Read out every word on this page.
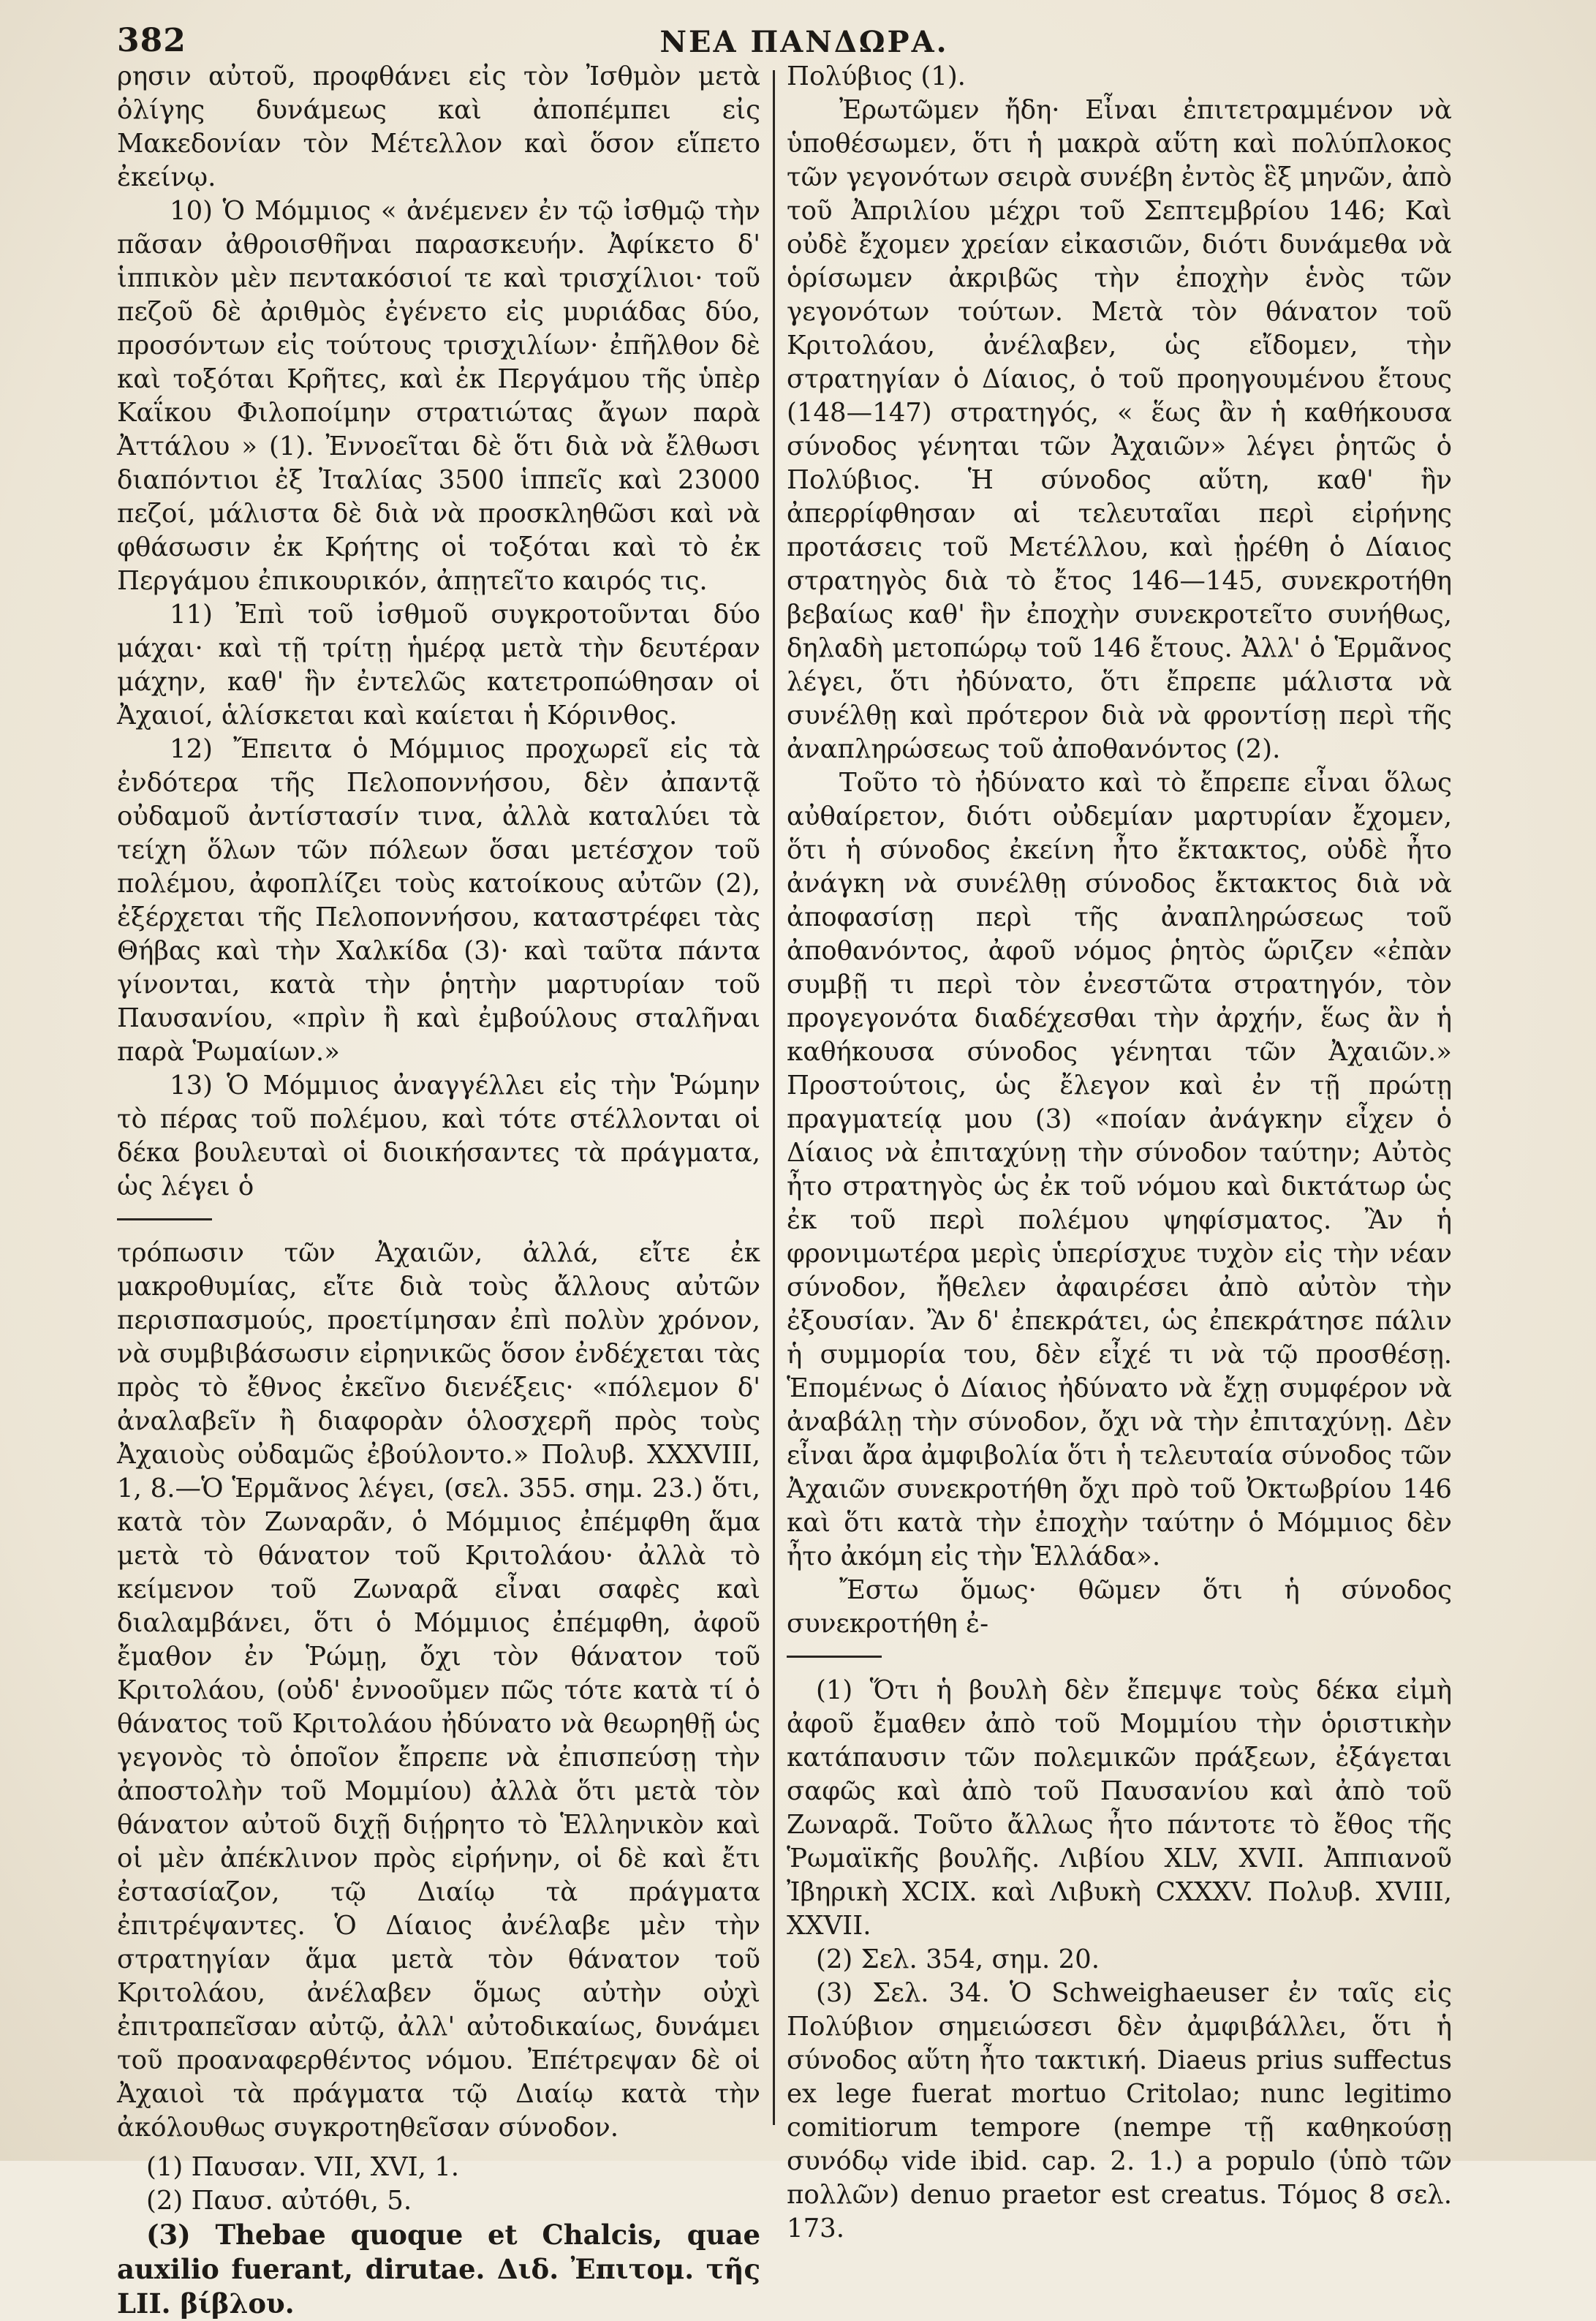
382	ΝΕΑ ΠΑΝΔΩΡΑ.

ρησιν αὐτοῦ, προφθάνει εἰς τὸν Ἰσθμὸν μετὰ ὀλίγης δυνάμεως καὶ ἀποπέμπει εἰς Μακεδονίαν τὸν Μέτελλον καὶ ὅσον εἵπετο ἐκείνῳ.

10) Ὁ Μόμμιος « ἀνέμενεν ἐν τῷ ἰσθμῷ τὴν πᾶσαν ἀθροισθῆναι παρασκευήν. Ἀφίκετο δ' ἱππικὸν μὲν πεντακόσιοί τε καὶ τρισχίλιοι· τοῦ πεζοῦ δὲ ἀριθμὸς ἐγένετο εἰς μυριάδας δύο, προσόντων εἰς τούτους τρισχιλίων· ἐπῆλθον δὲ καὶ τοξόται Κρῆτες, καὶ ἐκ Περγάμου τῆς ὑπὲρ Καΐκου Φιλοποίμην στρατιώτας ἄγων παρὰ Ἀττάλου » (1). Ἐννοεῖται δὲ ὅτι διὰ νὰ ἔλθωσι διαπόντιοι ἐξ Ἰταλίας 3500 ἱππεῖς καὶ 23000 πεζοί, μάλιστα δὲ διὰ νὰ προσκληθῶσι καὶ νὰ φθάσωσιν ἐκ Κρήτης οἱ τοξόται καὶ τὸ ἐκ Περγάμου ἐπικουρικόν, ἀπῃτεῖτο καιρός τις.

11) Ἐπὶ τοῦ ἰσθμοῦ συγκροτοῦνται δύο μάχαι· καὶ τῇ τρίτῃ ἡμέρᾳ μετὰ τὴν δευτέραν μάχην, καθ' ἣν ἐντελῶς κατετροπώθησαν οἱ Ἀχαιοί, ἁλίσκεται καὶ καίεται ἡ Κόρινθος.

12) Ἔπειτα ὁ Μόμμιος προχωρεῖ εἰς τὰ ἐνδότερα τῆς Πελοποννήσου, δὲν ἀπαντᾷ οὐδαμοῦ ἀντίστασίν τινα, ἀλλὰ καταλύει τὰ τείχη ὅλων τῶν πόλεων ὅσαι μετέσχον τοῦ πολέμου, ἀφοπλίζει τοὺς κατοίκους αὐτῶν (2), ἐξέρχεται τῆς Πελοποννήσου, καταστρέφει τὰς Θήβας καὶ τὴν Χαλκίδα (3)· καὶ ταῦτα πάντα γίνονται, κατὰ τὴν ῥητὴν μαρτυρίαν τοῦ Παυσανίου, «πρὶν ἢ καὶ ἐμβούλους σταλῆναι παρὰ Ῥωμαίων.»

13) Ὁ Μόμμιος ἀναγγέλλει εἰς τὴν Ῥώμην τὸ πέρας τοῦ πολέμου, καὶ τότε στέλλονται οἱ δέκα βουλευταὶ οἱ διοικήσαντες τὰ πράγματα, ὡς λέγει ὁ

τρόπωσιν τῶν Ἀχαιῶν, ἀλλά, εἴτε ἐκ μακροθυμίας, εἴτε διὰ τοὺς ἄλλους αὐτῶν περισπασμούς, προετίμησαν ἐπὶ πολὺν χρόνον, νὰ συμβιβάσωσιν εἰρηνικῶς ὅσον ἐνδέχεται τὰς πρὸς τὸ ἔθνος ἐκεῖνο διενέξεις· «πόλεμον δ' ἀναλαβεῖν ἢ διαφορὰν ὁλοσχερῆ πρὸς τοὺς Ἀχαιοὺς οὐδαμῶς ἐβούλοντο.» Πολυβ. XXXVIII, 1, 8.—Ὁ Ἑρμᾶνος λέγει, (σελ. 355. σημ. 23.) ὅτι, κατὰ τὸν Ζωναρᾶν, ὁ Μόμμιος ἐπέμφθη ἅμα μετὰ τὸ θάνατον τοῦ Κριτολάου· ἀλλὰ τὸ κείμενον τοῦ Ζωναρᾶ εἶναι σαφὲς καὶ διαλαμβάνει, ὅτι ὁ Μόμμιος ἐπέμφθη, ἀφοῦ ἔμαθον ἐν Ῥώμῃ, ὄχι τὸν θάνατον τοῦ Κριτολάου, (οὐδ' ἐννοοῦμεν πῶς τότε κατὰ τί ὁ θάνατος τοῦ Κριτολάου ἠδύνατο νὰ θεωρηθῇ ὡς γεγονὸς τὸ ὁποῖον ἔπρεπε νὰ ἐπισπεύσῃ τὴν ἀποστολὴν τοῦ Μομμίου) ἀλλὰ ὅτι μετὰ τὸν θάνατον αὐτοῦ διχῇ διῄρητο τὸ Ἑλληνικὸν καὶ οἱ μὲν ἀπέκλινον πρὸς εἰρήνην, οἱ δὲ καὶ ἔτι ἐστασίαζον, τῷ Διαίῳ τὰ πράγματα ἐπιτρέψαντες. Ὁ Δίαιος ἀνέλαβε μὲν τὴν στρατηγίαν ἅμα μετὰ τὸν θάνατον τοῦ Κριτολάου, ἀνέλαβεν ὅμως αὐτὴν οὐχὶ ἐπιτραπεῖσαν αὐτῷ, ἀλλ' αὐτοδικαίως, δυνάμει τοῦ προαναφερθέντος νόμου. Ἐπέτρεψαν δὲ οἱ Ἀχαιοὶ τὰ πράγματα τῷ Διαίῳ κατὰ τὴν ἀκόλουθως συγκροτηθεῖσαν σύνοδον.

(1) Παυσαν. VII, XVI, 1.

(2) Παυσ. αὐτόθι, 5.

(3) Thebae quoque et Chalcis, quae auxilio fuerant, dirutae. Διδ. Ἐπιτομ. τῆς LII. βίβλου.

Πολύβιος (1).

Ἐρωτῶμεν ἤδη· Εἶναι ἐπιτετραμμένον νὰ ὑποθέσωμεν, ὅτι ἡ μακρὰ αὕτη καὶ πολύπλοκος τῶν γεγονότων σειρὰ συνέβη ἐντὸς ἓξ μηνῶν, ἀπὸ τοῦ Ἀπριλίου μέχρι τοῦ Σεπτεμβρίου 146; Καὶ οὐδὲ ἔχομεν χρείαν εἰκασιῶν, διότι δυνάμεθα νὰ ὁρίσωμεν ἀκριβῶς τὴν ἐποχὴν ἑνὸς τῶν γεγονότων τούτων. Μετὰ τὸν θάνατον τοῦ Κριτολάου, ἀνέλαβεν, ὡς εἴδομεν, τὴν στρατηγίαν ὁ Δίαιος, ὁ τοῦ προηγουμένου ἔτους (148—147) στρατηγός, « ἕως ἂν ἡ καθήκουσα σύνοδος γένηται τῶν Ἀχαιῶν» λέγει ῥητῶς ὁ Πολύβιος. Ἡ σύνοδος αὕτη, καθ' ἣν ἀπερρίφθησαν αἱ τελευταῖαι περὶ εἰρήνης προτάσεις τοῦ Μετέλλου, καὶ ᾑρέθη ὁ Δίαιος στρατηγὸς διὰ τὸ ἔτος 146—145, συνεκροτήθη βεβαίως καθ' ἣν ἐποχὴν συνεκροτεῖτο συνήθως, δηλαδὴ μετοπώρῳ τοῦ 146 ἔτους. Ἀλλ' ὁ Ἑρμᾶνος λέγει, ὅτι ἠδύνατο, ὅτι ἔπρεπε μάλιστα νὰ συνέλθῃ καὶ πρότερον διὰ νὰ φροντίσῃ περὶ τῆς ἀναπληρώσεως τοῦ ἀποθανόντος (2).

Τοῦτο τὸ ἠδύνατο καὶ τὸ ἔπρεπε εἶναι ὅλως αὐθαίρετον, διότι οὐδεμίαν μαρτυρίαν ἔχομεν, ὅτι ἡ σύνοδος ἐκείνη ἦτο ἔκτακτος, οὐδὲ ἦτο ἀνάγκη νὰ συνέλθῃ σύνοδος ἔκτακτος διὰ νὰ ἀποφασίσῃ περὶ τῆς ἀναπληρώσεως τοῦ ἀποθανόντος, ἀφοῦ νόμος ῥητὸς ὥριζεν «ἐπὰν συμβῇ τι περὶ τὸν ἐνεστῶτα στρατηγόν, τὸν προγεγονότα διαδέχεσθαι τὴν ἀρχήν, ἕως ἂν ἡ καθήκουσα σύνοδος γένηται τῶν Ἀχαιῶν.» Προστούτοις, ὡς ἔλεγον καὶ ἐν τῇ πρώτῃ πραγματείᾳ μου (3) «ποίαν ἀνάγκην εἶχεν ὁ Δίαιος νὰ ἐπιταχύνῃ τὴν σύνοδον ταύτην; Αὐτὸς ἦτο στρατηγὸς ὡς ἐκ τοῦ νόμου καὶ δικτάτωρ ὡς ἐκ τοῦ περὶ πολέμου ψηφίσματος. Ἂν ἡ φρονιμωτέρα μερὶς ὑπερίσχυε τυχὸν εἰς τὴν νέαν σύνοδον, ἤθελεν ἀφαιρέσει ἀπὸ αὐτὸν τὴν ἐξουσίαν. Ἂν δ' ἐπεκράτει, ὡς ἐπεκράτησε πάλιν ἡ συμμορία του, δὲν εἶχέ τι νὰ τῷ προσθέσῃ. Ἑπομένως ὁ Δίαιος ἠδύνατο νὰ ἔχῃ συμφέρον νὰ ἀναβάλῃ τὴν σύνοδον, ὄχι νὰ τὴν ἐπιταχύνῃ. Δὲν εἶναι ἄρα ἀμφιβολία ὅτι ἡ τελευταία σύνοδος τῶν Ἀχαιῶν συνεκροτήθη ὄχι πρὸ τοῦ Ὀκτωβρίου 146 καὶ ὅτι κατὰ τὴν ἐποχὴν ταύτην ὁ Μόμμιος δὲν ἦτο ἀκόμη εἰς τὴν Ἑλλάδα».

Ἔστω ὅμως· θῶμεν ὅτι ἡ σύνοδος συνεκροτήθη ἐ-

(1) Ὅτι ἡ βουλὴ δὲν ἔπεμψε τοὺς δέκα εἰμὴ ἀφοῦ ἔμαθεν ἀπὸ τοῦ Μομμίου τὴν ὁριστικὴν κατάπαυσιν τῶν πολεμικῶν πράξεων, ἐξάγεται σαφῶς καὶ ἀπὸ τοῦ Παυσανίου καὶ ἀπὸ τοῦ Ζωναρᾶ. Τοῦτο ἄλλως ἦτο πάντοτε τὸ ἔθος τῆς Ῥωμαϊκῆς βουλῆς. Λιβίου XLV, XVII. Ἀππιανοῦ Ἰβηρικὴ XCIX. καὶ Λιβυκὴ CXXXV. Πολυβ. XVIII, XXVII.

(2) Σελ. 354, σημ. 20.

(3) Σελ. 34. Ὁ Schweighaeuser ἐν ταῖς εἰς Πολύβιον σημειώσεσι δὲν ἀμφιβάλλει, ὅτι ἡ σύνοδος αὕτη ἦτο τακτική. Diaeus prius suffectus ex lege fuerat mortuo Critolao; nunc legitimo comitiorum tempore (nempe τῇ καθηκούσῃ συνόδῳ vide ibid. cap. 2. 1.) a populo (ὑπὸ τῶν πολλῶν) denuo praetor est creatus. Τόμος 8 σελ. 173.
